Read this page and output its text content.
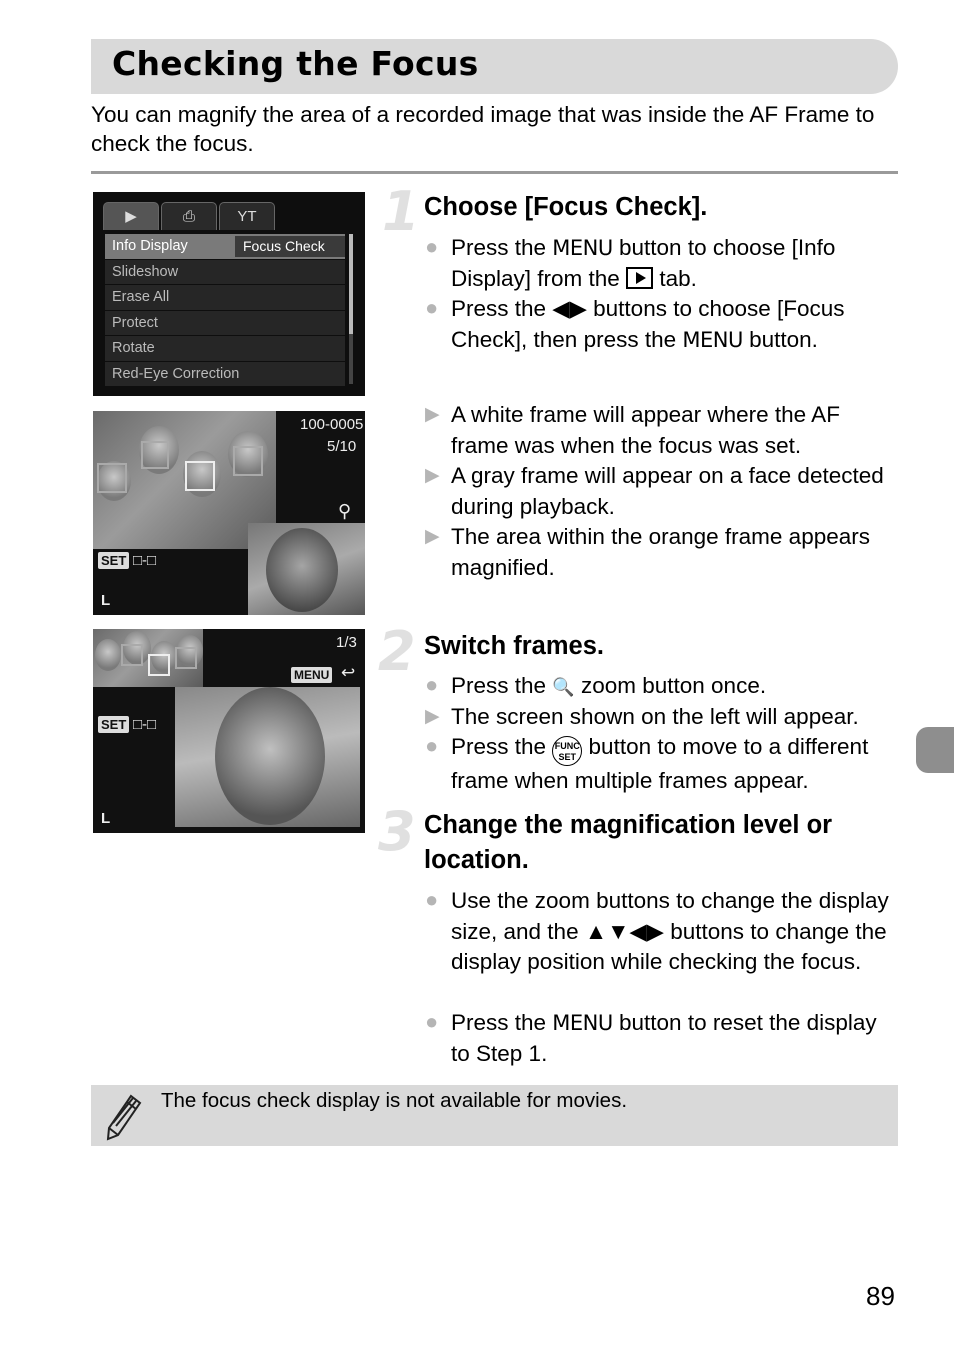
Checking the Focus

You can magnify the area of a recorded image that was inside the AF Frame to check the focus.

▶	⎙	YT
Info Display	Focus Check
Slideshow
Erase All
Protect
Rotate
Red-Eye Correction
100-0005
5/10
⚲
SET □-□
L
1/3
MENU ↩
SET □-□
L
1 Choose [Focus Check].
● Press the MENU button to choose [Info Display] from the  tab.
● Press the ◀▶ buttons to choose [Focus Check], then press the MENU button.
▶ A white frame will appear where the AF frame was when the focus was set.
▶ A gray frame will appear on a face detected during playback.
▶ The area within the orange frame appears magnified.
2 Switch frames.
● Press the 🔍 zoom button once.
▶ The screen shown on the left will appear.
● Press the FUNC SET button to move to a different frame when multiple frames appear.
3 Change the magnification level or location.
● Use the zoom buttons to change the display size, and the ▲▼◀▶ buttons to change the display position while checking the focus.
● Press the MENU button to reset the display to Step 1.
The focus check display is not available for movies.
89
